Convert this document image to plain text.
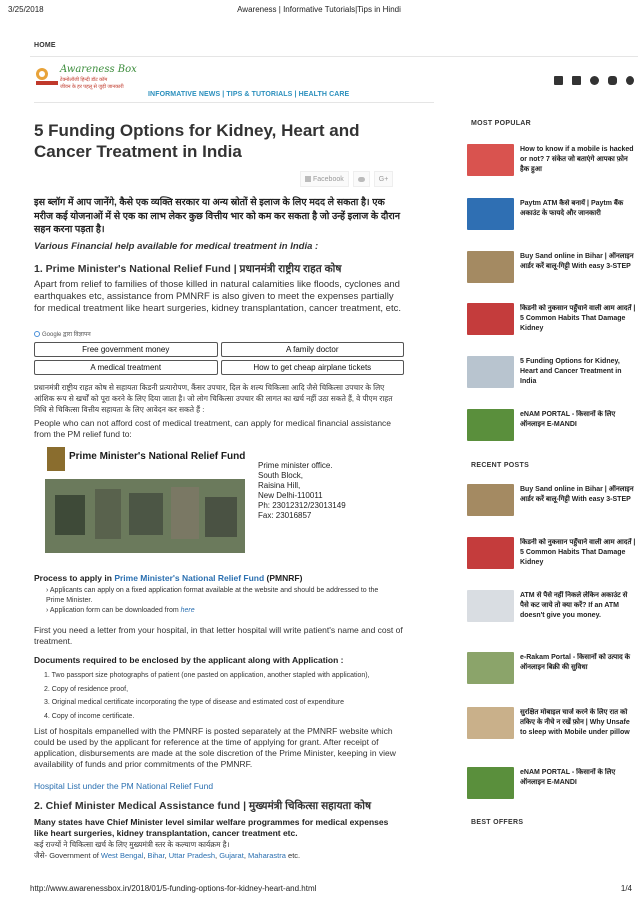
3/25/2018	Awareness | Informative Tutorials|Tips in Hindi

HOME
Awareness Box
टेक्नोलॉजी हिन्दी डॉट कॉम
जीवन के हर पहलू से जुड़ी जानकारी
INFORMATIVE NEWS | TIPS & TUTORIALS | HEALTH CARE
5 Funding Options for Kidney, Heart and Cancer Treatment in India
Facebook	G+
इस ब्लॉग में आप जानेंगे, कैसे एक व्यक्ति सरकार या अन्य स्रोतों से इलाज के लिए मदद ले सकता है। एक मरीज कई योजनाओं में से एक का लाभ लेकर कुछ वित्तीय भार को कम कर सकता है जो उन्हें इलाज के दौरान सहन करना पड़ता है।
Various Financial help available for medical treatment in India :
1. Prime Minister's National Relief Fund | प्रधानमंत्री राष्ट्रीय राहत कोष
Apart from relief to families of those killed in natural calamities like floods, cyclones and earthquakes etc, assistance from PMNRF is also given to meet the expenses partially for medical treatment like heart surgeries, kidney transplantation, cancer treatment, etc.
Google द्वारा विज्ञापन
Free government money	A family doctor
A medical treatment	How to get cheap airplane tickets
प्रधानमंत्री राष्ट्रीय राहत कोष से सहायता किडनी प्रत्यारोपण, कैंसर उपचार, दिल के शल्य चिकित्सा आदि जैसे चिकित्सा उपचार के लिए आंशिक रूप से खर्चों को पूरा करने के लिए दिया जाता है। जो लोग चिकित्सा उपचार की लागत का खर्च नहीं उठा सकते हैं, वे पीएम राहत निधि से चिकित्सा वित्तीय सहायता के लिए आवेदन कर सकते हैं :
People who can not afford cost of medical treatment, can apply for medical financial assistance from the PM relief fund to:
Prime Minister's National Relief Fund
Prime minister office.
South Block,
Raisina Hill,
New Delhi-110011
Ph: 23012312/23013149
Fax: 23016857
Process to apply in Prime Minister's National Relief Fund (PMNRF)
› Applicants can apply on a fixed application format available at the website and should be addressed to the Prime Minister.
› Application form can be downloaded from here
First you need a letter from your hospital, in that letter hospital will write patient's name and cost of treatment.
Documents required to be enclosed by the applicant along with Application :
1. Two passport size photographs of patient (one pasted on application, another stapled with application),
2. Copy of residence proof,
3. Original medical certificate incorporating the type of disease and estimated cost of expenditure
4. Copy of income certificate.
List of hospitals empanelled with the PMNRF is posted separately at the PMNRF website which could be used by the applicant for reference at the time of applying for grant. After receipt of application, disbursements are made at the sole discretion of the Prime Minister, keeping in view availability of funds and prior commitments of the PMNRF.
Hospital List under the PM National Relief Fund
2. Chief Minister Medical Assistance fund | मुख्यमंत्री चिकित्सा सहायता कोष
Many states have Chief Minister level similar welfare programmes for medical expenses like heart surgeries, kidney transplantation, cancer treatment etc.
कई राज्यों ने चिकित्सा खर्च के लिए मुख्यमंत्री स्तर के कल्याण कार्यक्रम है।
जैसे- Government of West Bengal, Bihar, Uttar Pradesh, Gujarat, Maharastra etc.
MOST POPULAR
How to know if a mobile is hacked or not? 7 संकेत जो बताएंगे आपका फ़ोन हैक हुआ
Paytm ATM कैसे बनायें | Paytm बैंक अकाउंट के फायदे और जानकारी
Buy Sand online in Bihar | ऑनलाइन आर्डर करें बालू-गिट्टी With easy 3-STEP
किडनी को नुकसान पहुँचाने वाली आम आदतें | 5 Common Habits That Damage Kidney
5 Funding Options for Kidney, Heart and Cancer Treatment in India
eNAM PORTAL - किसानों के लिए ऑनलाइन E-MANDI
RECENT POSTS
Buy Sand online in Bihar | ऑनलाइन आर्डर करें बालू-गिट्टी With easy 3-STEP
किडनी को नुकसान पहुँचाने वाली आम आदतें | 5 Common Habits That Damage Kidney
ATM से पैसे नहीं निकले लेकिन अकाउंट से पैसे कट जाये तो क्या करें? If an ATM doesn't give you money.
e-Rakam Portal - किसानों को उत्पाद के ऑनलाइन बिक्री की सुविधा
सुरक्षित मोबाइल चार्ज करने के लिए रात को तकिए के नीचे न रखें फ़ोन | Why Unsafe to sleep with Mobile under pillow
eNAM PORTAL - किसानों के लिए ऑनलाइन E-MANDI
BEST OFFERS
http://www.awarenessbox.in/2018/01/5-funding-options-for-kidney-heart-and.html	1/4
